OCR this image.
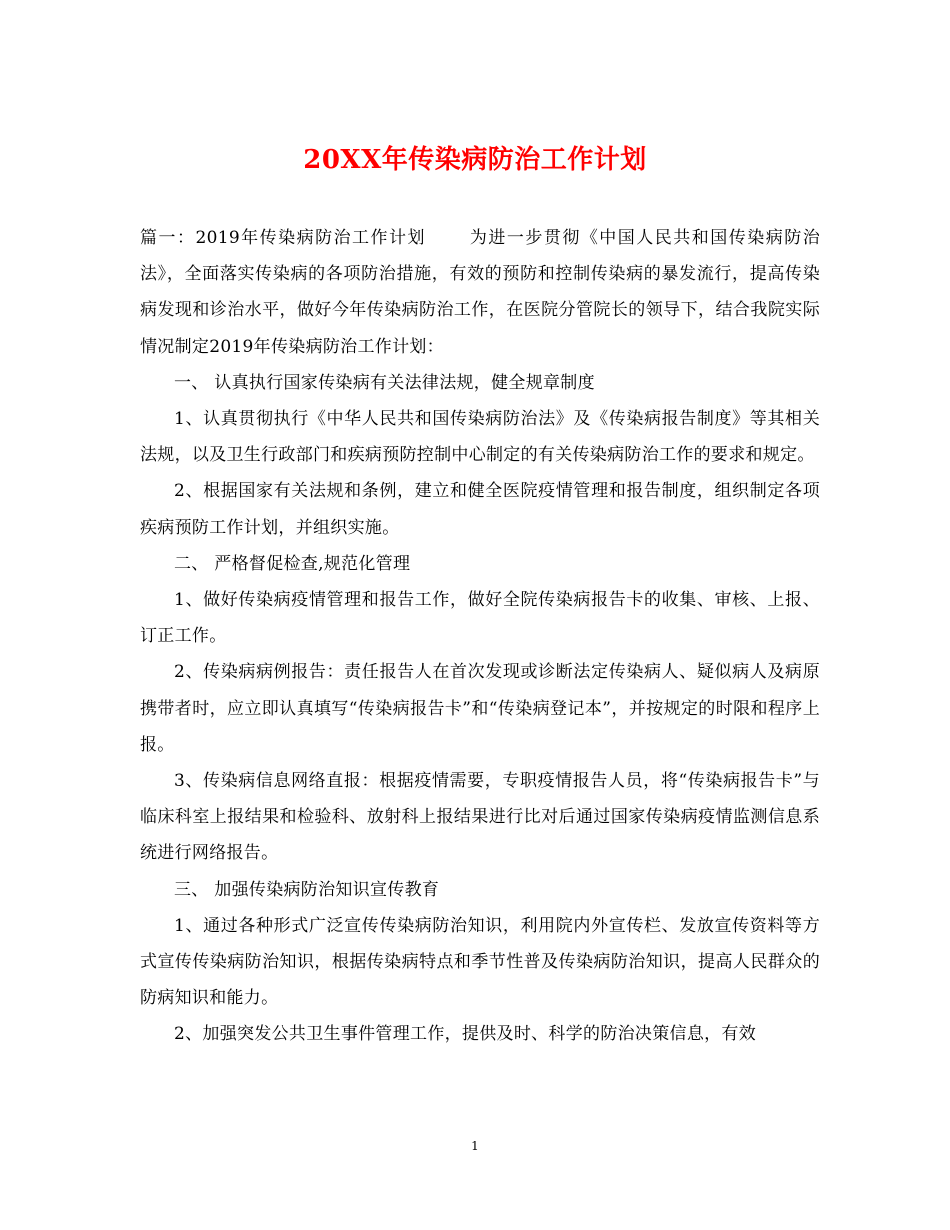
20XX年传染病防治工作计划

篇一：2019年传染病防治工作计划　　 为进一步贯彻《中国人民共和国传染病防治法》，全面落实传染病的各项防治措施，有效的预防和控制传染病的暴发流行，提高传染病发现和诊治水平，做好今年传染病防治工作，在医院分管院长的领导下，结合我院实际情况制定2019年传染病防治工作计划：

一、 认真执行国家传染病有关法律法规，健全规章制度

1、认真贯彻执行《中华人民共和国传染病防治法》及《传染病报告制度》等其相关法规，以及卫生行政部门和疾病预防控制中心制定的有关传染病防治工作的要求和规定。

2、根据国家有关法规和条例，建立和健全医院疫情管理和报告制度，组织制定各项疾病预防工作计划，并组织实施。

二、 严格督促检查,规范化管理

1、做好传染病疫情管理和报告工作，做好全院传染病报告卡的收集、审核、上报、订正工作。

2、传染病病例报告：责任报告人在首次发现或诊断法定传染病人、疑似病人及病原携带者时，应立即认真填写“传染病报告卡”和“传染病登记本”，并按规定的时限和程序上报。

3、传染病信息网络直报：根据疫情需要，专职疫情报告人员，将“传染病报告卡”与临床科室上报结果和检验科、放射科上报结果进行比对后通过国家传染病疫情监测信息系统进行网络报告。

三、 加强传染病防治知识宣传教育

1、通过各种形式广泛宣传传染病防治知识，利用院内外宣传栏、发放宣传资料等方式宣传传染病防治知识，根据传染病特点和季节性普及传染病防治知识，提高人民群众的防病知识和能力。

2、加强突发公共卫生事件管理工作，提供及时、科学的防治决策信息，有效

1
